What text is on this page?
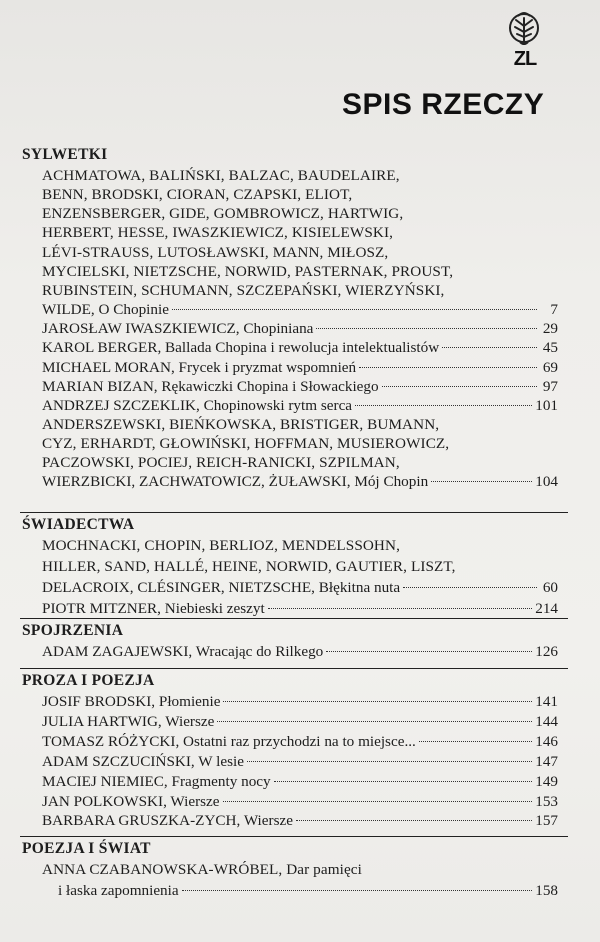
ZL
SPIS RZECZY
SYLWETKI
ACHMATOWA, BALIŃSKI, BALZAC, BAUDELAIRE,
BENN, BRODSKI, CIORAN, CZAPSKI, ELIOT,
ENZENSBERGER, GIDE, GOMBROWICZ, HARTWIG,
HERBERT, HESSE, IWASZKIEWICZ, KISIELEWSKI,
LÉVI-STRAUSS, LUTOSŁAWSKI, MANN, MIŁOSZ,
MYCIELSKI, NIETZSCHE, NORWID, PASTERNAK, PROUST,
RUBINSTEIN, SCHUMANN, SZCZEPAŃSKI, WIERZYŃSKI,
WILDE, O Chopinie	7
JAROSŁAW IWASZKIEWICZ, Chopiniana	29
KAROL BERGER, Ballada Chopina i rewolucja intelektualistów	45
MICHAEL MORAN, Frycek i pryzmat wspomnień	69
MARIAN BIZAN, Rękawiczki Chopina i Słowackiego	97
ANDRZEJ SZCZEKLIK, Chopinowski rytm serca	101
ANDERSZEWSKI, BIEŃKOWSKA, BRISTIGER, BUMANN,
CYZ, ERHARDT, GŁOWIŃSKI, HOFFMAN, MUSIEROWICZ,
PACZOWSKI, POCIEJ, REICH-RANICKI, SZPILMAN,
WIERZBICKI, ZACHWATOWICZ, ŻUŁAWSKI, Mój Chopin	104
ŚWIADECTWA
MOCHNACKI, CHOPIN, BERLIOZ, MENDELSSOHN,
HILLER, SAND, HALLÉ, HEINE, NORWID, GAUTIER, LISZT,
DELACROIX, CLÉSINGER, NIETZSCHE, Błękitna nuta	60
PIOTR MITZNER, Niebieski zeszyt	214
SPOJRZENIA
ADAM ZAGAJEWSKI, Wracając do Rilkego	126
PROZA I POEZJA
JOSIF BRODSKI, Płomienie	141
JULIA HARTWIG, Wiersze	144
TOMASZ RÓŻYCKI, Ostatni raz przychodzi na to miejsce...	146
ADAM SZCZUCIŃSKI, W lesie	147
MACIEJ NIEMIEC, Fragmenty nocy	149
JAN POLKOWSKI, Wiersze	153
BARBARA GRUSZKA-ZYCH, Wiersze	157
POEZJA I ŚWIAT
ANNA CZABANOWSKA-WRÓBEL, Dar pamięci
i łaska zapomnienia	158
